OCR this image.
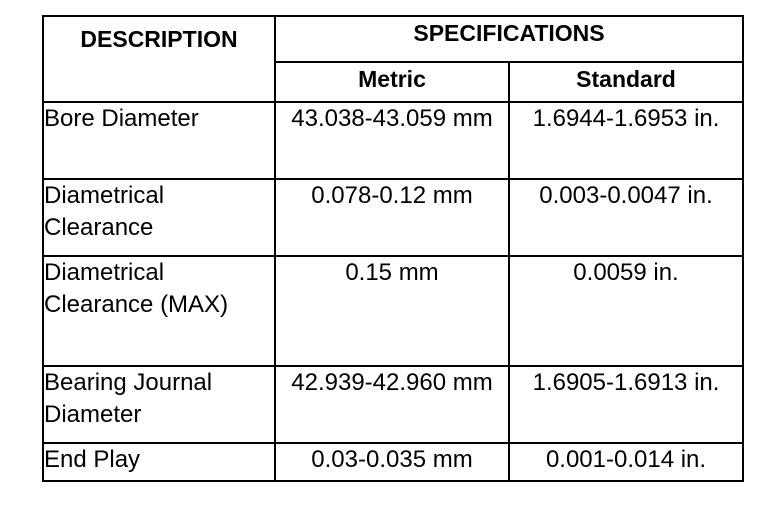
DESCRIPTION	SPECIFICATIONS	
	Metric	Standard

Bore Diameter	43.038-43.059 mm	1.6944-1.6953 in.

Diametrical Clearance	0.078-0.12 mm	0.003-0.0047 in.

Diametrical Clearance (MAX)	0.15 mm	0.0059 in.

Bearing Journal Diameter	42.939-42.960 mm	1.6905-1.6913 in.

End Play	0.03-0.035 mm	0.001-0.014 in.
